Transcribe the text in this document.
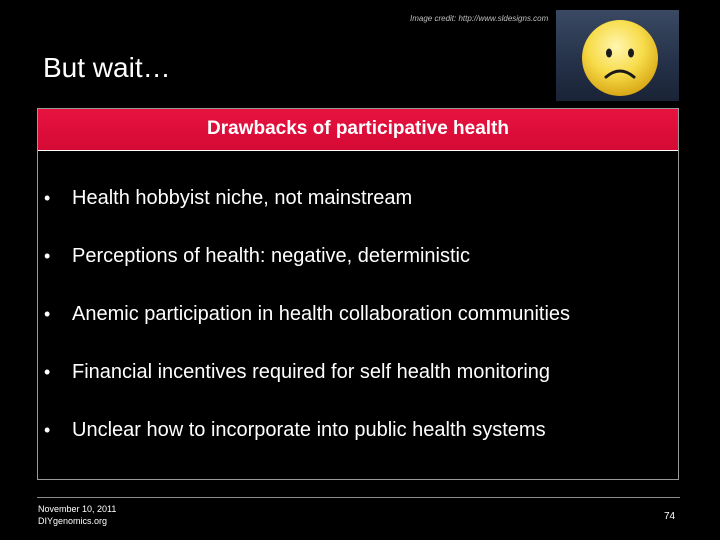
Image credit: http://www.sldesigns.com
But wait…
Drawbacks of participative health
• Health hobbyist niche, not mainstream
• Perceptions of health: negative, deterministic
• Anemic participation in health collaboration communities
• Financial incentives required for self health monitoring
• Unclear how to incorporate into public health systems
November 10, 2011
DIYgenomics.org	74
